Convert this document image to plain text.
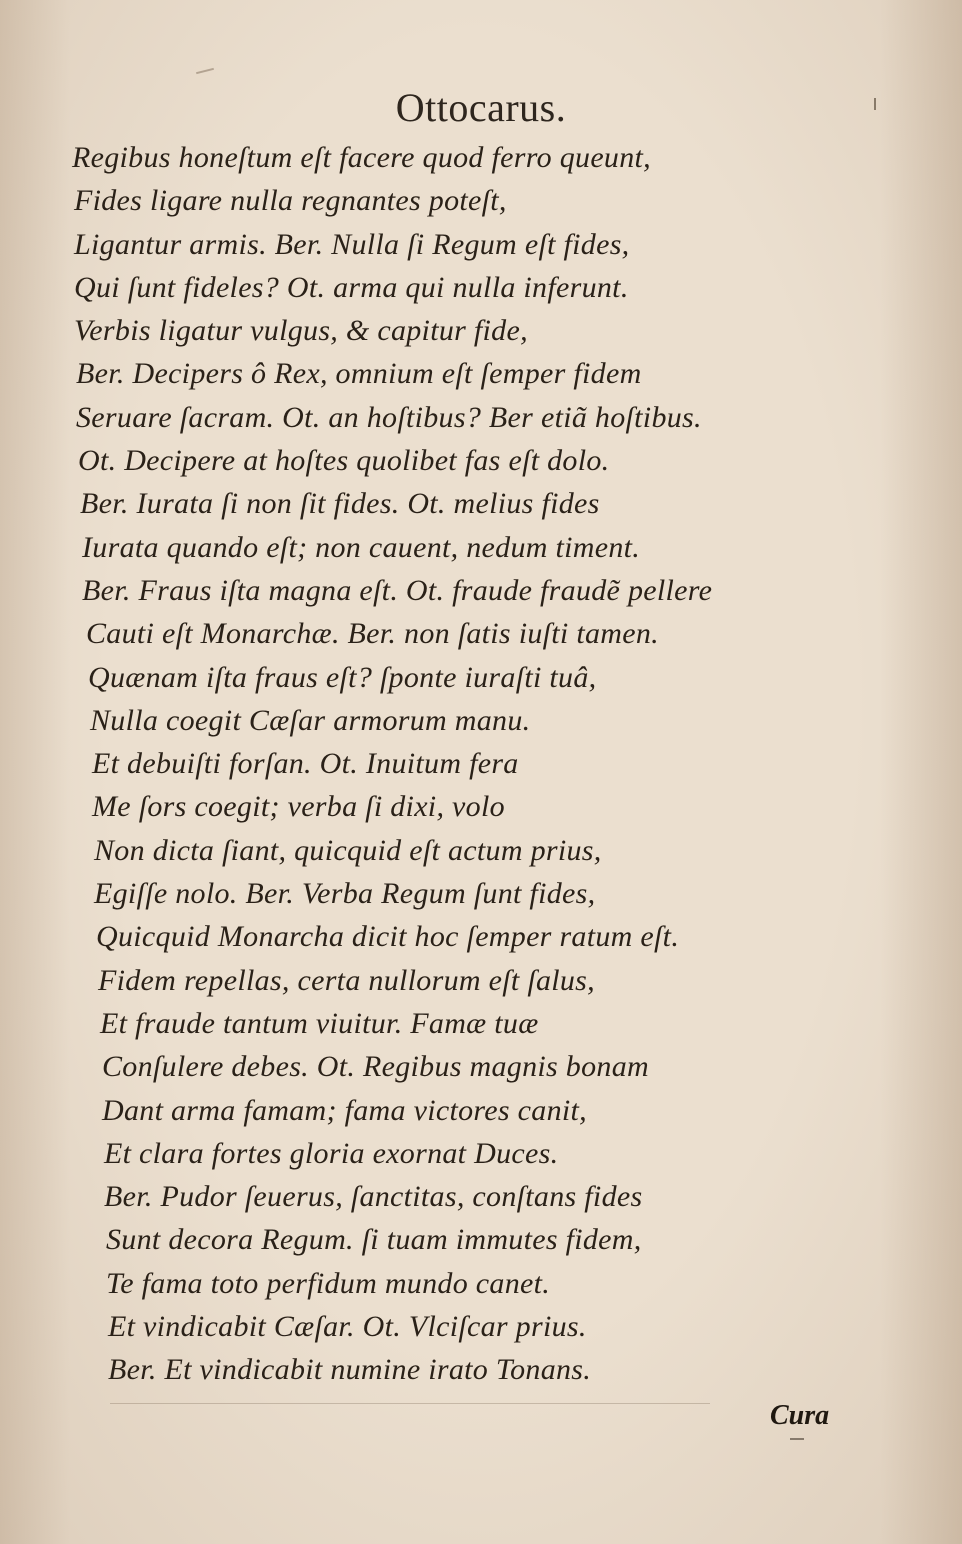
Ottocarus.
Regibus honeſtum eſt facere quod ferro queunt,
Fides ligare nulla regnantes poteſt,
Ligantur armis. Ber. Nulla ſi Regum eſt fides,
Qui ſunt fideles? Ot. arma qui nulla inferunt.
Verbis ligatur vulgus, & capitur fide,
Ber. Decipers ô Rex, omnium eſt ſemper fidem
Seruare ſacram. Ot. an hoſtibus? Ber etiã hoſtibus.
Ot. Decipere at hoſtes quolibet fas eſt dolo.
Ber. Iurata ſi non ſit fides. Ot. melius fides
Iurata quando eſt; non cauent, nedum timent.
Ber. Fraus iſta magna eſt. Ot. fraude fraudẽ pellere
Cauti eſt Monarchæ. Ber. non ſatis iuſti tamen.
Quænam iſta fraus eſt? ſponte iuraſti tuâ,
Nulla coegit Cæſar armorum manu.
Et debuiſti forſan. Ot. Inuitum fera
Me ſors coegit; verba ſi dixi, volo
Non dicta ſiant, quicquid eſt actum prius,
Egiſſe nolo. Ber. Verba Regum ſunt fides,
Quicquid Monarcha dicit hoc ſemper ratum eſt.
Fidem repellas, certa nullorum eſt ſalus,
Et fraude tantum viuitur. Famæ tuæ
Conſulere debes. Ot. Regibus magnis bonam
Dant arma famam; fama victores canit,
Et clara fortes gloria exornat Duces.
Ber. Pudor ſeuerus, ſanctitas, conſtans fides
Sunt decora Regum. ſi tuam immutes fidem,
Te fama toto perfidum mundo canet.
Et vindicabit Cæſar. Ot. Vlciſcar prius.
Ber. Et vindicabit numine irato Tonans.
Cura
